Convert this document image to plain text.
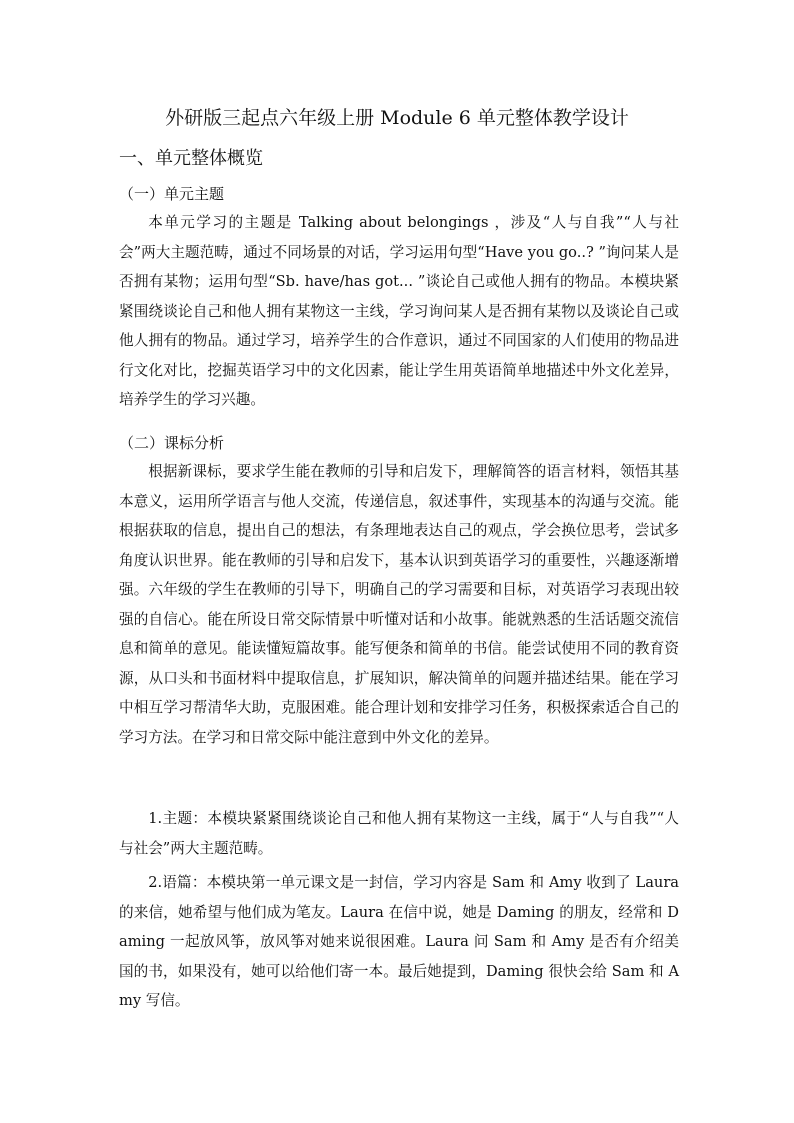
外研版三起点六年级上册 Module 6 单元整体教学设计
一、单元整体概览
（一）单元主题

本单元学习的主题是 Talking about belongings ，涉及“人与自我”“人与社会”两大主题范畴，通过不同场景的对话，学习运用句型“Have you go..? ”询问某人是否拥有某物；运用句型“Sb. have/has got... ”谈论自己或他人拥有的物品。本模块紧紧围绕谈论自己和他人拥有某物这一主线，学习询问某人是否拥有某物以及谈论自己或他人拥有的物品。通过学习，培养学生的合作意识，通过不同国家的人们使用的物品进行文化对比，挖掘英语学习中的文化因素，能让学生用英语简单地描述中外文化差异，培养学生的学习兴趣。

（二）课标分析

根据新课标，要求学生能在教师的引导和启发下，理解简答的语言材料，领悟其基本意义，运用所学语言与他人交流，传递信息，叙述事件，实现基本的沟通与交流。能根据获取的信息，提出自己的想法，有条理地表达自己的观点，学会换位思考，尝试多角度认识世界。能在教师的引导和启发下，基本认识到英语学习的重要性，兴趣逐渐增强。六年级的学生在教师的引导下，明确自己的学习需要和目标，对英语学习表现出较强的自信心。能在所设日常交际情景中听懂对话和小故事。能就熟悉的生活话题交流信息和简单的意见。能读懂短篇故事。能写便条和简单的书信。能尝试使用不同的教育资源，从口头和书面材料中提取信息，扩展知识，解决简单的问题并描述结果。能在学习中相互学习帮清华大助，克服困难。能合理计划和安排学习任务，积极探索适合自己的学习方法。在学习和日常交际中能注意到中外文化的差异。

1.主题：本模块紧紧围绕谈论自己和他人拥有某物这一主线，属于“人与自我”“人与社会”两大主题范畴。

2.语篇：本模块第一单元课文是一封信，学习内容是 Sam 和 Amy 收到了 Laura 的来信，她希望与他们成为笔友。Laura 在信中说，她是 Daming 的朋友，经常和 Daming 一起放风筝，放风筝对她来说很困难。Laura 问 Sam 和 Amy 是否有介绍美国的书，如果没有，她可以给他们寄一本。最后她提到，Daming 很快会给 Sam 和 Amy 写信。
